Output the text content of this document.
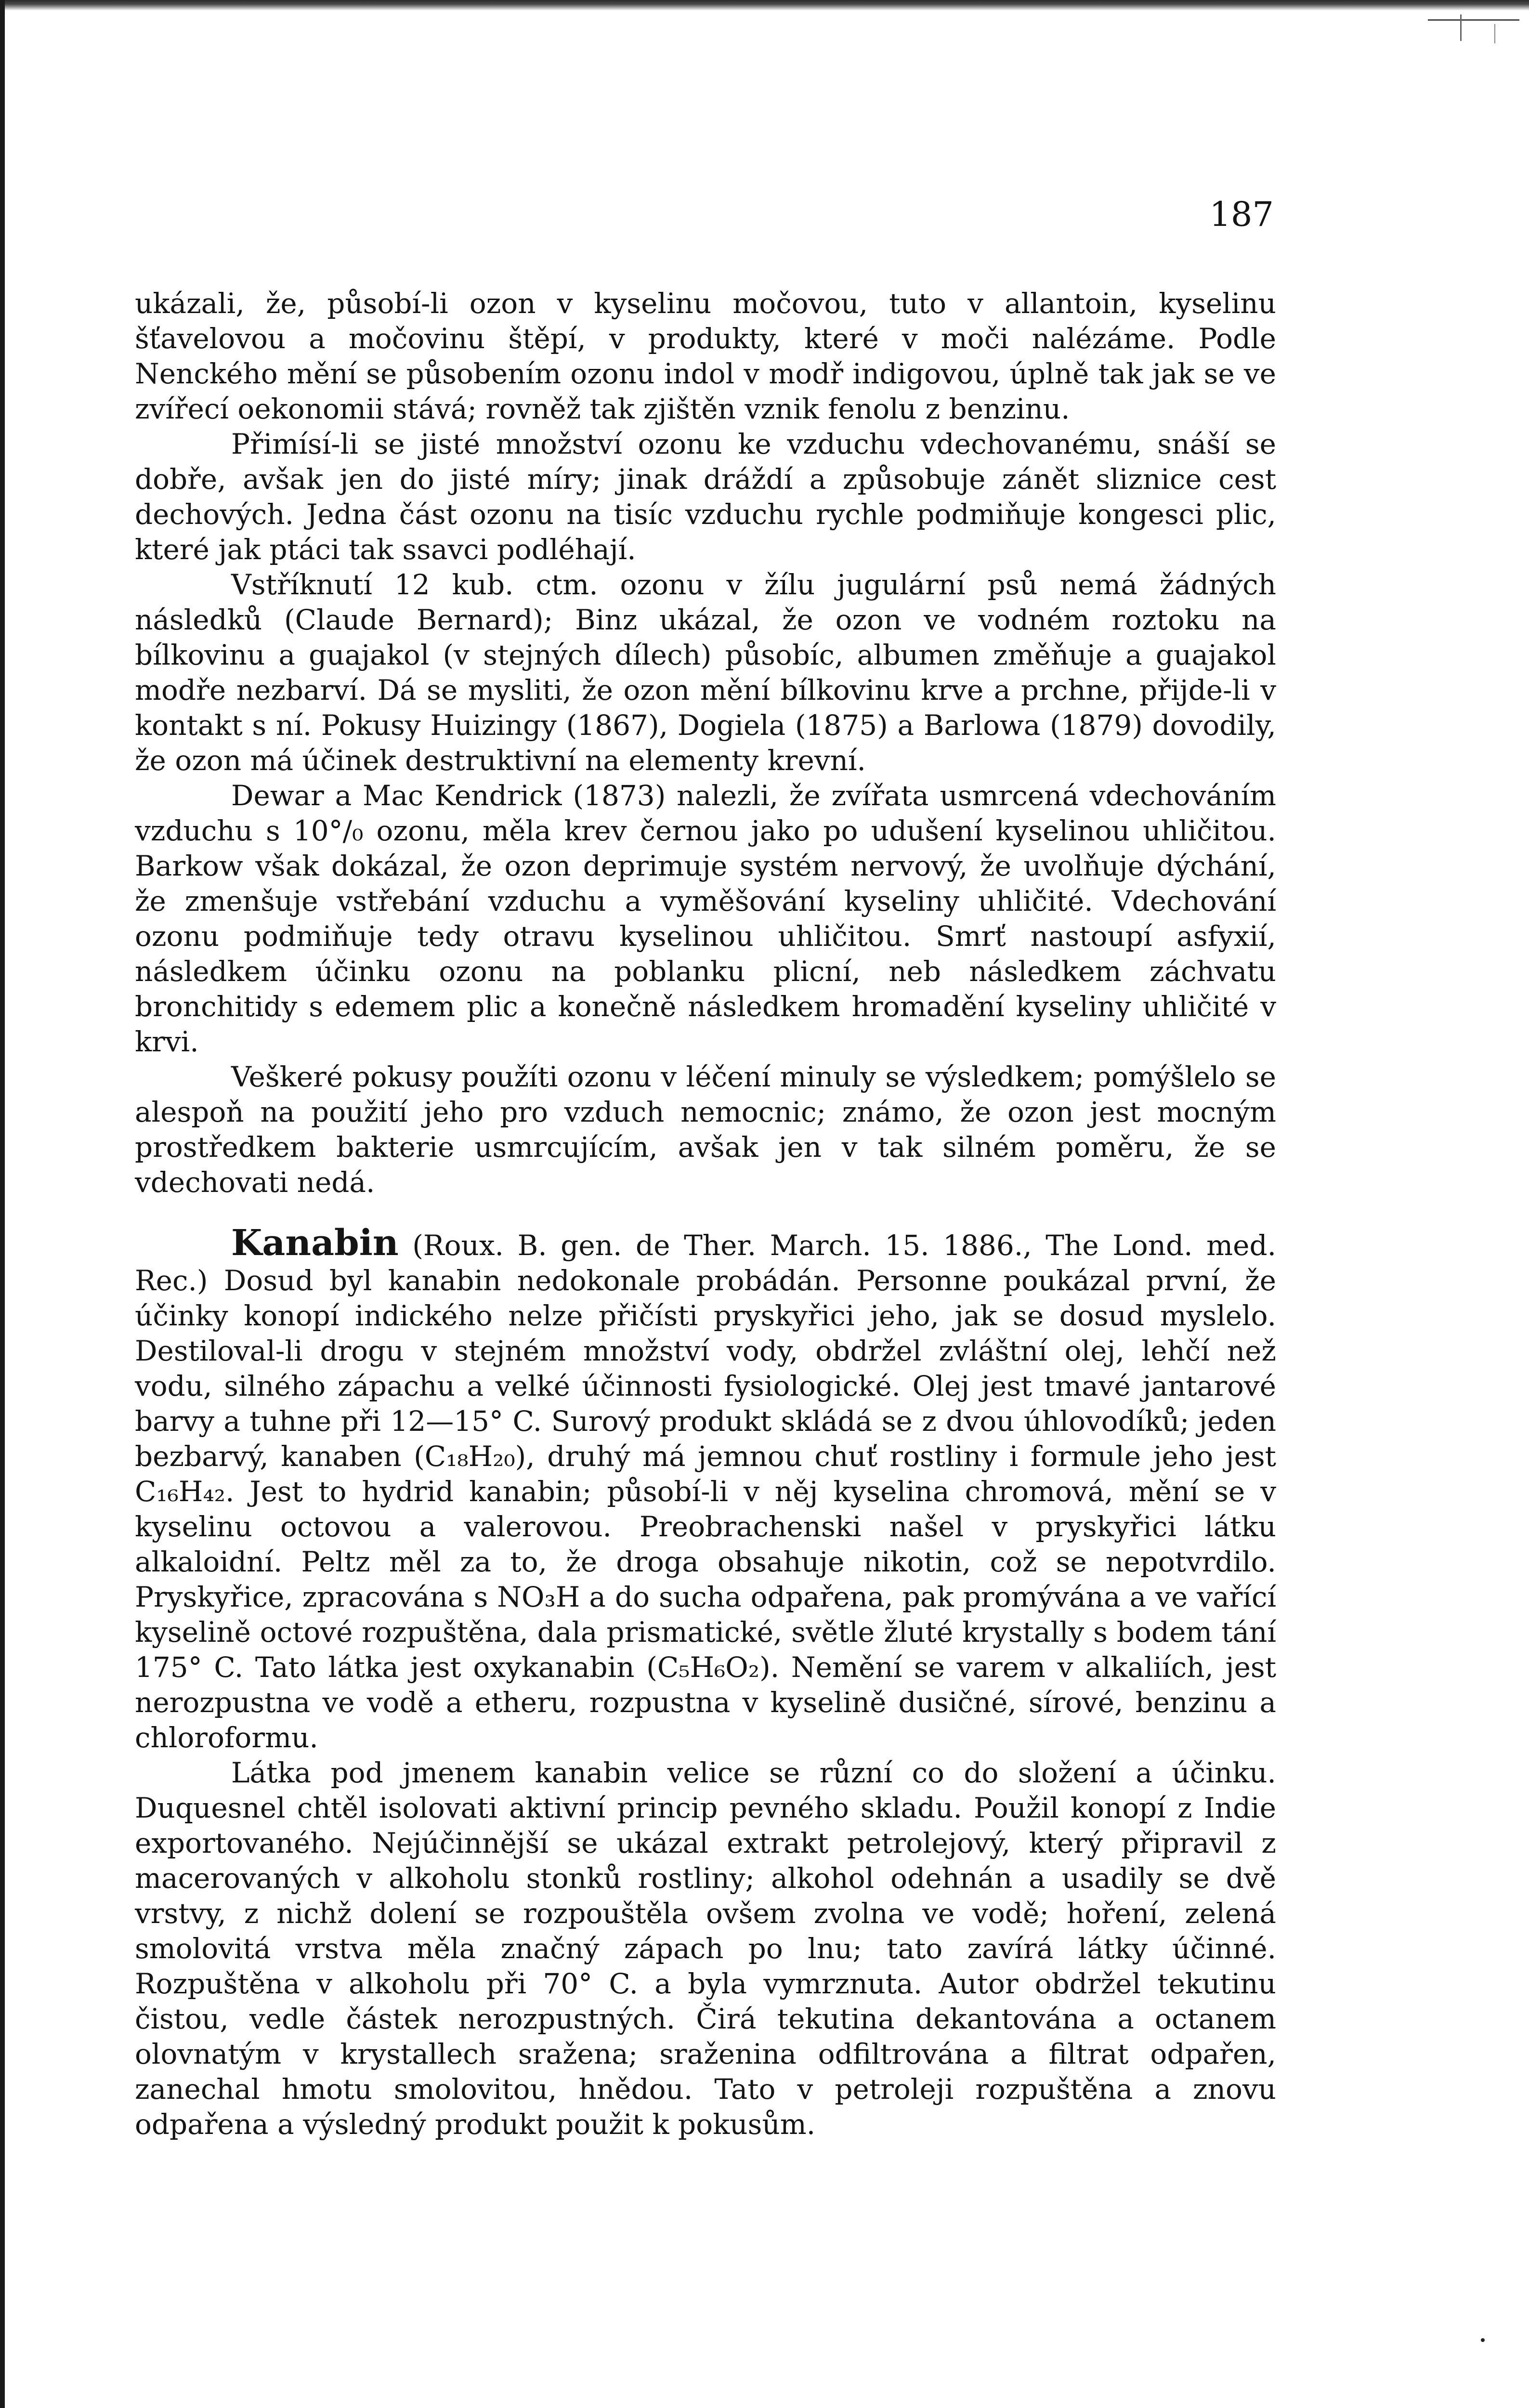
187

ukázali, že, působí-li ozon v kyselinu močovou, tuto v allantoin, kyselinu šťavelovou a močovinu štěpí, v produkty, které v moči nalézáme. Podle Nenckého mění se působením ozonu indol v modř indigovou, úplně tak jak se ve zvířecí oekonomii stává; rovněž tak zjištěn vznik fenolu z benzinu.

Přimísí-li se jisté množství ozonu ke vzduchu vdechovanému, snáší se dobře, avšak jen do jisté míry; jinak dráždí a způsobuje zánět sliznice cest dechových. Jedna část ozonu na tisíc vzduchu rychle podmiňuje kongesci plic, které jak ptáci tak ssavci podléhají.

Vstříknutí 12 kub. ctm. ozonu v žílu jugulární psů nemá žádných následků (Claude Bernard); Binz ukázal, že ozon ve vodném roztoku na bílkovinu a guajakol (v stejných dílech) působíc, albumen změňuje a guajakol modře nezbarví. Dá se mysliti, že ozon mění bílkovinu krve a prchne, přijde-li v kontakt s ní. Pokusy Huizingy (1867), Dogiela (1875) a Barlowa (1879) dovodily, že ozon má účinek destruktivní na elementy krevní.

Dewar a Mac Kendrick (1873) nalezli, že zvířata usmrcená vdechováním vzduchu s 10°/₀ ozonu, měla krev černou jako po udušení kyselinou uhličitou. Barkow však dokázal, že ozon deprimuje systém nervový, že uvolňuje dýchání, že zmenšuje vstřebání vzduchu a vyměšování kyseliny uhličité. Vdechování ozonu podmiňuje tedy otravu kyselinou uhličitou. Smrť nastoupí asfyxií, následkem účinku ozonu na poblanku plicní, neb následkem záchvatu bronchitidy s edemem plic a konečně následkem hromadění kyseliny uhličité v krvi.

Veškeré pokusy použíti ozonu v léčení minuly se výsledkem; pomýšlelo se alespoň na použití jeho pro vzduch nemocnic; známo, že ozon jest mocným prostředkem bakterie usmrcujícím, avšak jen v tak silném poměru, že se vdechovati nedá.

Kanabin (Roux. B. gen. de Ther. March. 15. 1886., The Lond. med. Rec.) Dosud byl kanabin nedokonale probádán. Personne poukázal první, že účinky konopí indického nelze přičísti pryskyřici jeho, jak se dosud myslelo. Destiloval-li drogu v stejném množství vody, obdržel zvláštní olej, lehčí než vodu, silného zápachu a velké účinnosti fysiologické. Olej jest tmavé jantarové barvy a tuhne při 12—15° C. Surový produkt skládá se z dvou úhlovodíků; jeden bezbarvý, kanaben (C₁₈H₂₀), druhý má jemnou chuť rostliny i formule jeho jest C₁₆H₄₂. Jest to hydrid kanabin; působí-li v něj kyselina chromová, mění se v kyselinu octovou a valerovou. Preobrachenski našel v pryskyřici látku alkaloidní. Peltz měl za to, že droga obsahuje nikotin, což se nepotvrdilo. Pryskyřice, zpracována s NO₃H a do sucha odpařena, pak promývána a ve vařící kyselině octové rozpuštěna, dala prismatické, světle žluté krystally s bodem tání 175° C. Tato látka jest oxykanabin (C₅H₆O₂). Nemění se varem v alkaliích, jest nerozpustna ve vodě a etheru, rozpustna v kyselině dusičné, sírové, benzinu a chloroformu.

Látka pod jmenem kanabin velice se různí co do složení a účinku. Duquesnel chtěl isolovati aktivní princip pevného skladu. Použil konopí z Indie exportovaného. Nejúčinnější se ukázal extrakt petrolejový, který připravil z macerovaných v alkoholu stonků rostliny; alkohol odehnán a usadily se dvě vrstvy, z nichž dolení se rozpouštěla ovšem zvolna ve vodě; hoření, zelená smolovitá vrstva měla značný zápach po lnu; tato zavírá látky účinné. Rozpuštěna v alkoholu při 70° C. a byla vymrznuta. Autor obdržel tekutinu čistou, vedle částek nerozpustných. Čirá tekutina dekantována a octanem olovnatým v krystallech sražena; sraženina odfiltrována a filtrat odpařen, zanechal hmotu smolovitou, hnědou. Tato v petroleji rozpuštěna a znovu odpařena a výsledný produkt použit k pokusům.
